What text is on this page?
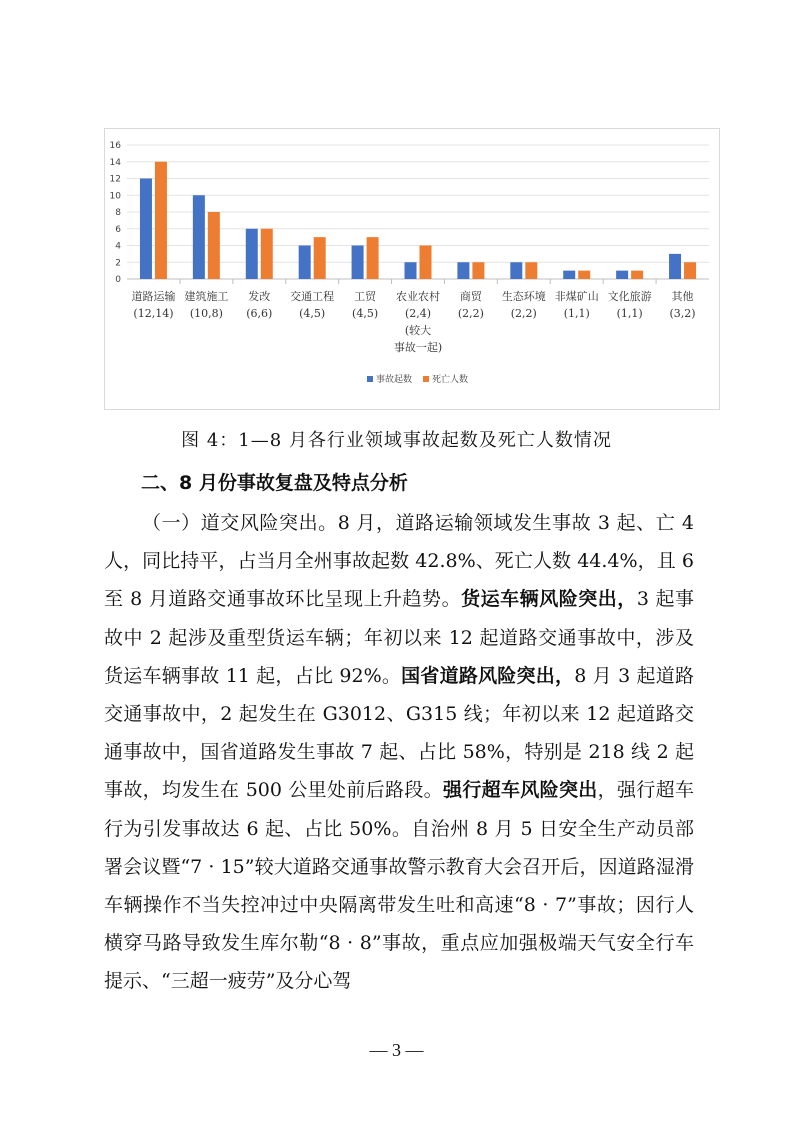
0
2
4
6
8
10
12
14
16
道路运输
(12,14)
建筑施工
(10,8)
发改
(6,6)
交通工程
(4,5)
工贸
(4,5)
农业农村
(2,4)
(较大
事故一起)
商贸
(2,2)
生态环境
(2,2)
非煤矿山
(1,1)
文化旅游
(1,1)
其他
(3,2)
事故起数 死亡人数
图 4：1—8 月各行业领域事故起数及死亡人数情况
二、8 月份事故复盘及特点分析

（一）道交风险突出。8 月，道路运输领域发生事故 3 起、亡 4 人，同比持平，占当月全州事故起数 42.8%、死亡人数 44.4%，且 6 至 8 月道路交通事故环比呈现上升趋势。货运车辆风险突出，3 起事故中 2 起涉及重型货运车辆；年初以来 12 起道路交通事故中，涉及货运车辆事故 11 起，占比 92%。国省道路风险突出，8 月 3 起道路交通事故中，2 起发生在 G3012、G315 线；年初以来 12 起道路交通事故中，国省道路发生事故 7 起、占比 58%，特别是 218 线 2 起事故，均发生在 500 公里处前后路段。强行超车风险突出，强行超车行为引发事故达 6 起、占比 50%。自治州 8 月 5 日安全生产动员部署会议暨“7 · 15”较大道路交通事故警示教育大会召开后，因道路湿滑车辆操作不当失控冲过中央隔离带发生吐和高速“8 · 7”事故；因行人横穿马路导致发生库尔勒“8 · 8”事故，重点应加强极端天气安全行车提示、“三超一疲劳”及分心驾

— 3 —
